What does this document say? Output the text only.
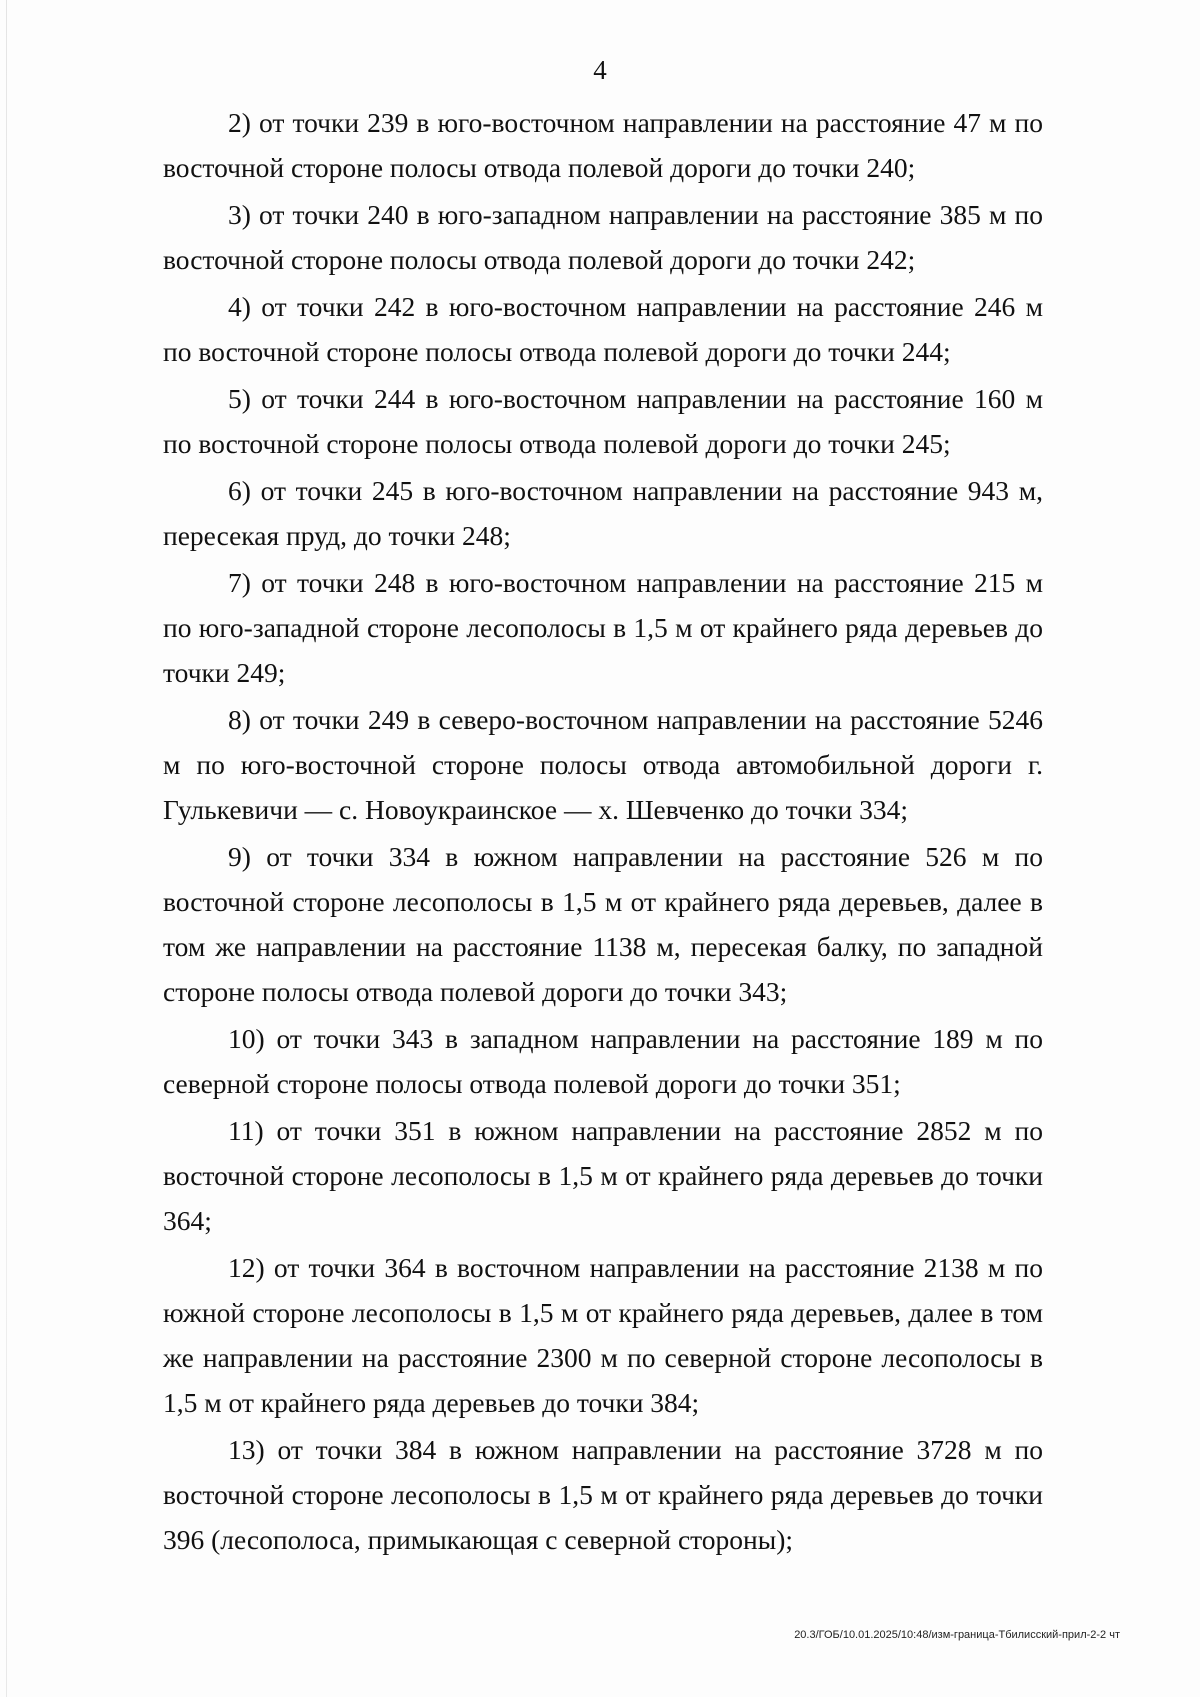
4

2) от точки 239 в юго-восточном направлении на расстояние 47 м по восточной стороне полосы отвода полевой дороги до точки 240;

3) от точки 240 в юго-западном направлении на расстояние 385 м по восточной стороне полосы отвода полевой дороги до точки 242;

4) от точки 242 в юго-восточном направлении на расстояние 246 м по восточной стороне полосы отвода полевой дороги до точки 244;

5) от точки 244 в юго-восточном направлении на расстояние 160 м по восточной стороне полосы отвода полевой дороги до точки 245;

6) от точки 245 в юго-восточном направлении на расстояние 943 м, пересекая пруд, до точки 248;

7) от точки 248 в юго-восточном направлении на расстояние 215 м по юго-западной стороне лесополосы в 1,5 м от крайнего ряда деревьев до точки 249;

8) от точки 249 в северо-восточном направлении на расстояние 5246 м по юго-восточной стороне полосы отвода автомобильной дороги г. Гулькевичи — с. Новоукраинское — х. Шевченко до точки 334;

9) от точки 334 в южном направлении на расстояние 526 м по восточной стороне лесополосы в 1,5 м от крайнего ряда деревьев, далее в том же направлении на расстояние 1138 м, пересекая балку, по западной стороне полосы отвода полевой дороги до точки 343;

10) от точки 343 в западном направлении на расстояние 189 м по северной стороне полосы отвода полевой дороги до точки 351;

11) от точки 351 в южном направлении на расстояние 2852 м по восточной стороне лесополосы в 1,5 м от крайнего ряда деревьев до точки 364;

12) от точки 364 в восточном направлении на расстояние 2138 м по южной стороне лесополосы в 1,5 м от крайнего ряда деревьев, далее в том же направлении на расстояние 2300 м по северной стороне лесополосы в 1,5 м от крайнего ряда деревьев до точки 384;

13) от точки 384 в южном направлении на расстояние 3728 м по восточной стороне лесополосы в 1,5 м от крайнего ряда деревьев до точки 396 (лесополоса, примыкающая с северной стороны);

20.3/ГОБ/10.01.2025/10:48/изм-граница-Тбилисский-прил-2-2 чт
